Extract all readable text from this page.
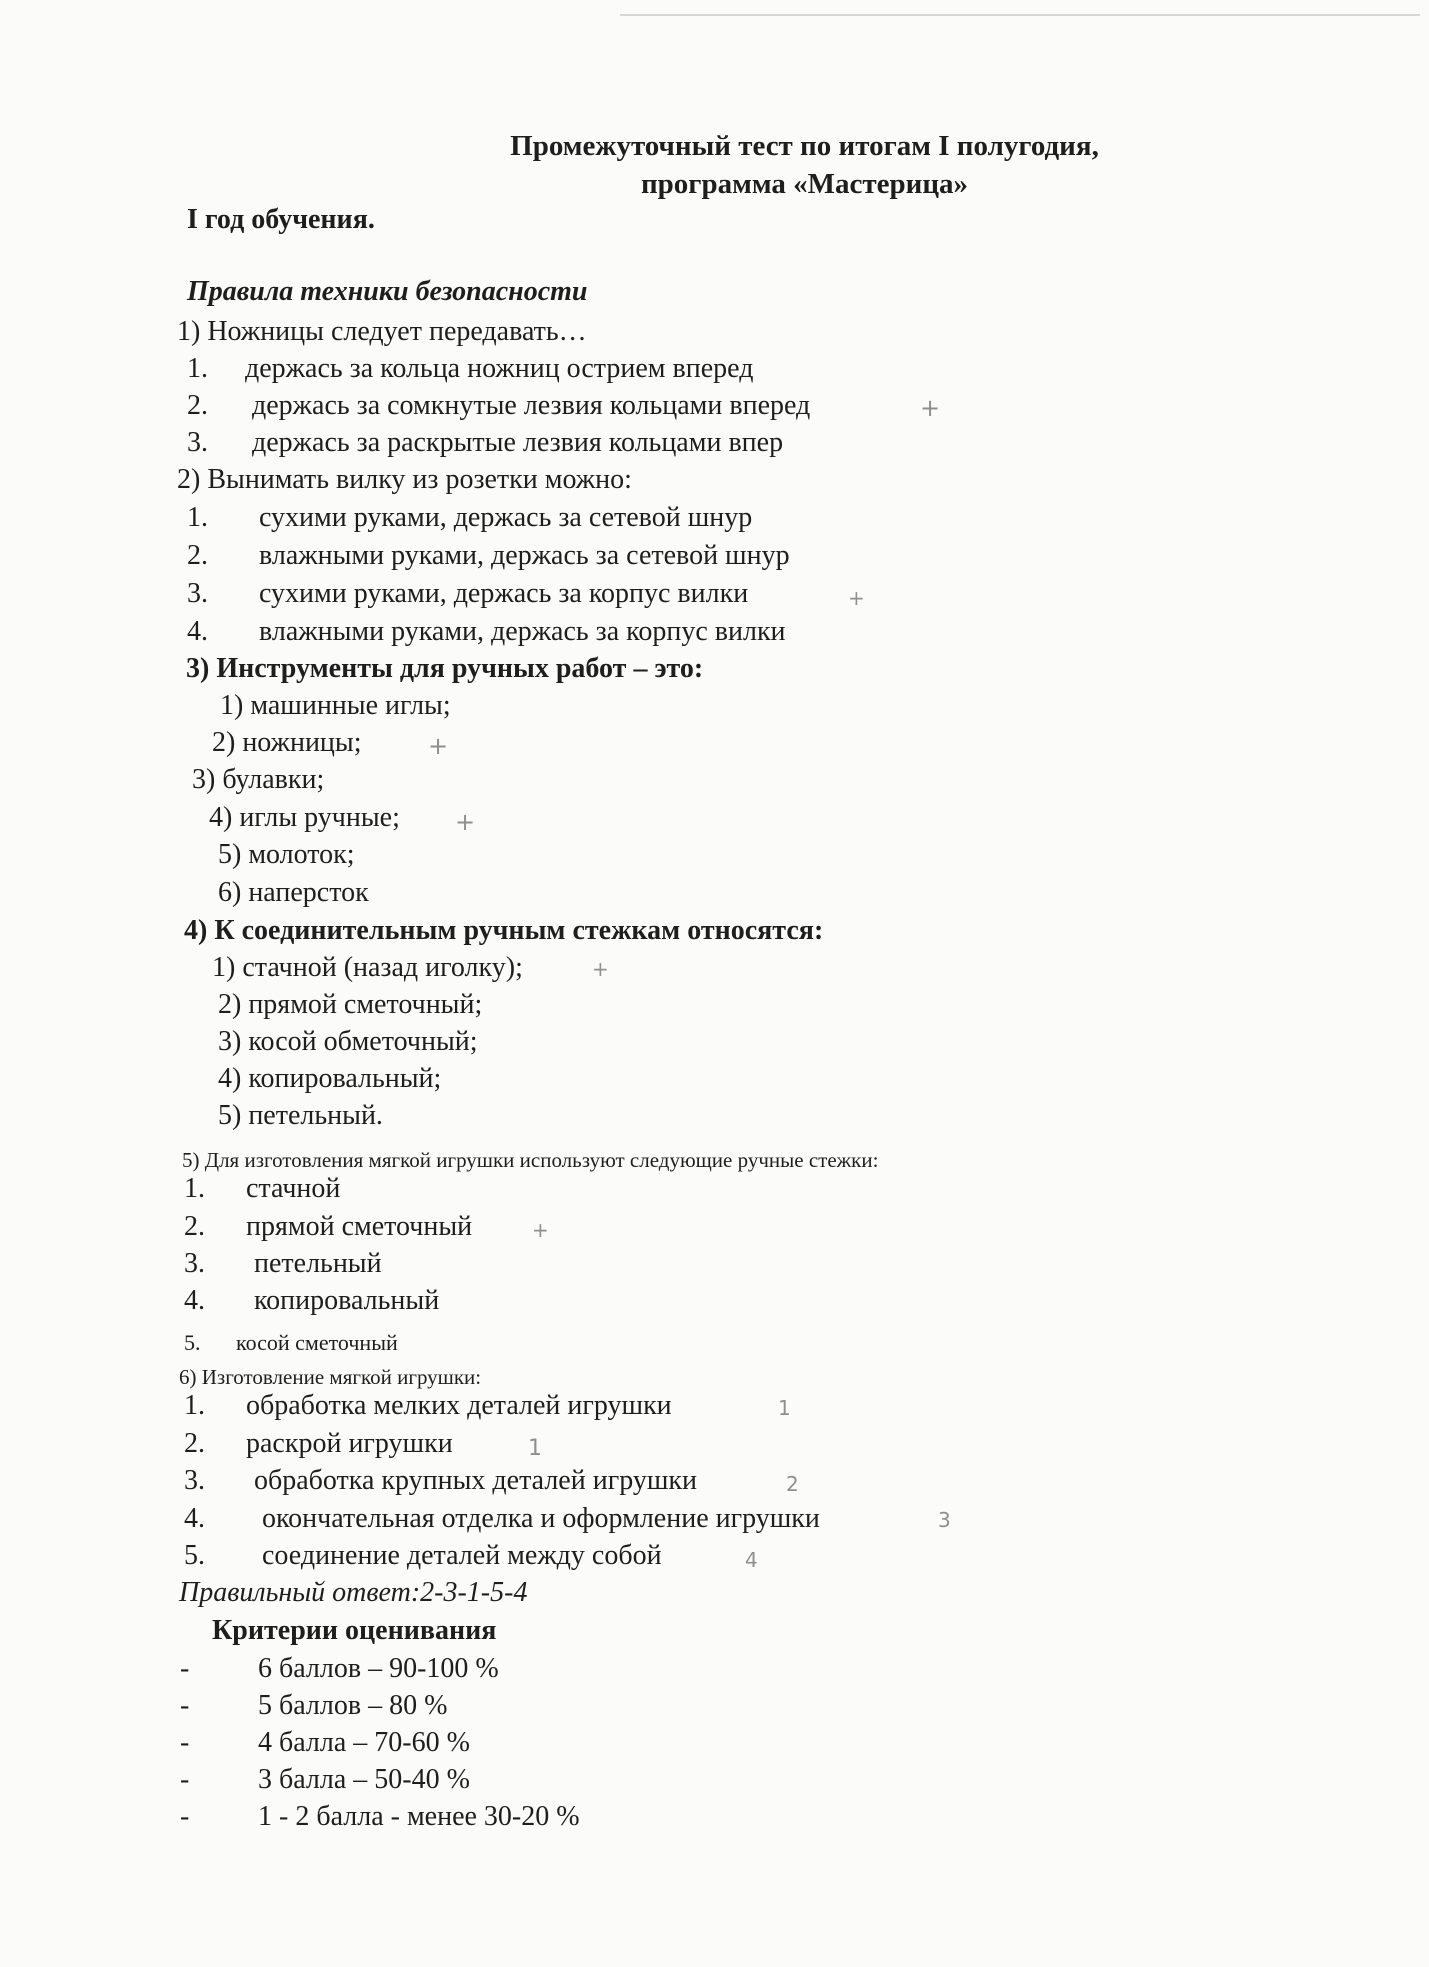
Промежуточный тест по итогам I полугодия,
программа «Мастерица»
I год обучения.
Правила техники безопасности
1) Ножницы следует передавать…
1. держась за кольца ножниц острием вперед
2. держась за сомкнутые лезвия кольцами вперед	+
3. держась за раскрытые лезвия кольцами впер
2) Вынимать вилку из розетки можно:
1. сухими руками, держась за сетевой шнур
2. влажными руками, держась за сетевой шнур
3. сухими руками, держась за корпус вилки	+
4. влажными руками, держась за корпус вилки
3) Инструменты для ручных работ – это:
1) машинные иглы;
2) ножницы;	+
3) булавки;
4) иглы ручные; +
5) молоток;
6) наперсток
4) К соединительным ручным стежкам относятся:
1) стачной (назад иголку);	+
2) прямой сметочный;
3) косой обметочный;
4) копировальный;
5) петельный.
5) Для изготовления мягкой игрушки используют следующие ручные стежки:
1. стачной
2. прямой сметочный	+
3. петельный
4. копировальный
5. косой сметочный
6) Изготовление мягкой игрушки:
1. обработка мелких деталей игрушки	1
2. раскрой игрушки	1
3. обработка крупных деталей игрушки	2
4. окончательная отделка и оформление игрушки	3
5. соединение деталей между собой	4
Правильный ответ:2-3-1-5-4
Критерии оценивания
- 6 баллов – 90-100 %
- 5 баллов – 80 %
- 4 балла – 70-60 %
- 3 балла – 50-40 %
- 1 - 2 балла - менее 30-20 %
